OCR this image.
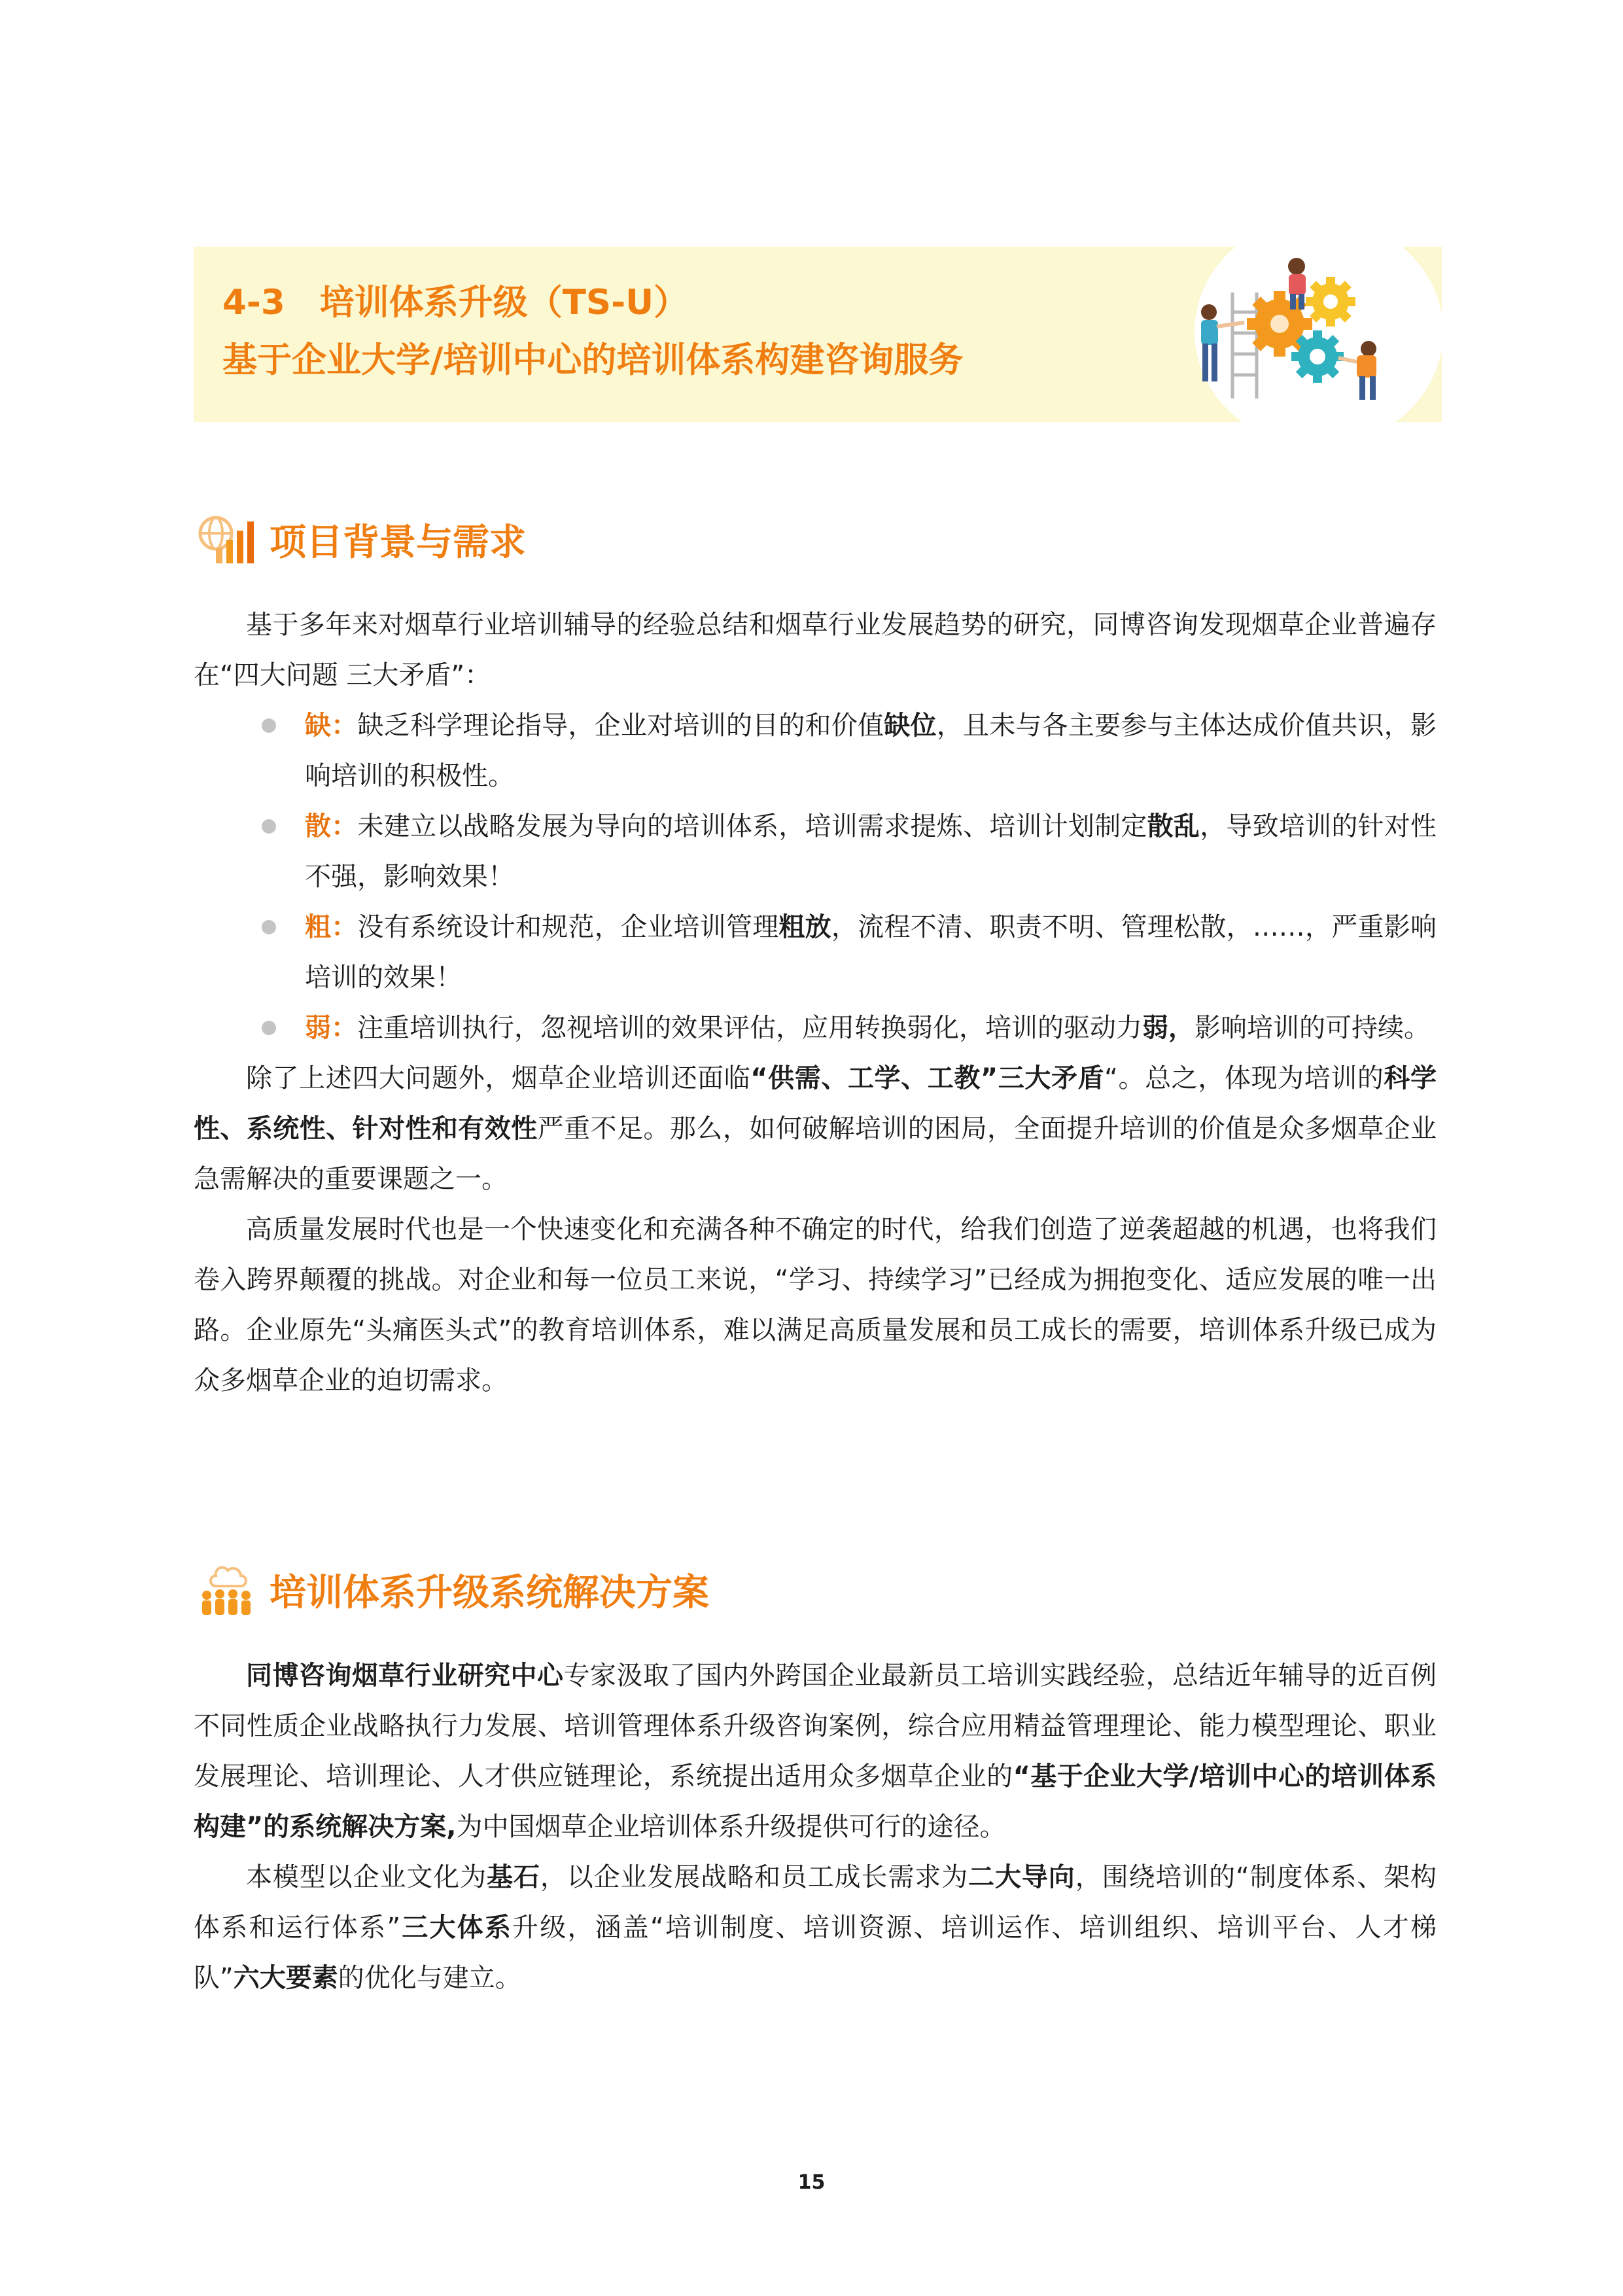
4-3　培训体系升级（TS-U）
基于企业大学/培训中心的培训体系构建咨询服务
项目背景与需求

基于多年来对烟草行业培训辅导的经验总结和烟草行业发展趋势的研究，同博咨询发现烟草企业普遍存在“四大问题 三大矛盾”：

缺：缺乏科学理论指导，企业对培训的目的和价值缺位，且未与各主要参与主体达成价值共识，影响培训的积极性。

散：未建立以战略发展为导向的培训体系，培训需求提炼、培训计划制定散乱，导致培训的针对性不强，影响效果！

粗：没有系统设计和规范，企业培训管理粗放，流程不清、职责不明、管理松散，……，严重影响培训的效果！

弱：注重培训执行，忽视培训的效果评估，应用转换弱化，培训的驱动力弱，影响培训的可持续。

除了上述四大问题外，烟草企业培训还面临“供需、工学、工教”三大矛盾“。总之，体现为培训的科学性、系统性、针对性和有效性严重不足。那么，如何破解培训的困局，全面提升培训的价值是众多烟草企业急需解决的重要课题之一。

高质量发展时代也是一个快速变化和充满各种不确定的时代，给我们创造了逆袭超越的机遇，也将我们卷入跨界颠覆的挑战。对企业和每一位员工来说，“学习、持续学习”已经成为拥抱变化、适应发展的唯一出路。企业原先“头痛医头式”的教育培训体系，难以满足高质量发展和员工成长的需要，培训体系升级已成为众多烟草企业的迫切需求。

培训体系升级系统解决方案

同博咨询烟草行业研究中心专家汲取了国内外跨国企业最新员工培训实践经验，总结近年辅导的近百例不同性质企业战略执行力发展、培训管理体系升级咨询案例，综合应用精益管理理论、能力模型理论、职业发展理论、培训理论、人才供应链理论，系统提出适用众多烟草企业的“基于企业大学/培训中心的培训体系构建”的系统解决方案,为中国烟草企业培训体系升级提供可行的途径。

本模型以企业文化为基石，以企业发展战略和员工成长需求为二大导向，围绕培训的“制度体系、架构体系和运行体系”三大体系升级，涵盖“培训制度、培训资源、培训运作、培训组织、培训平台、人才梯队”六大要素的优化与建立。

15
